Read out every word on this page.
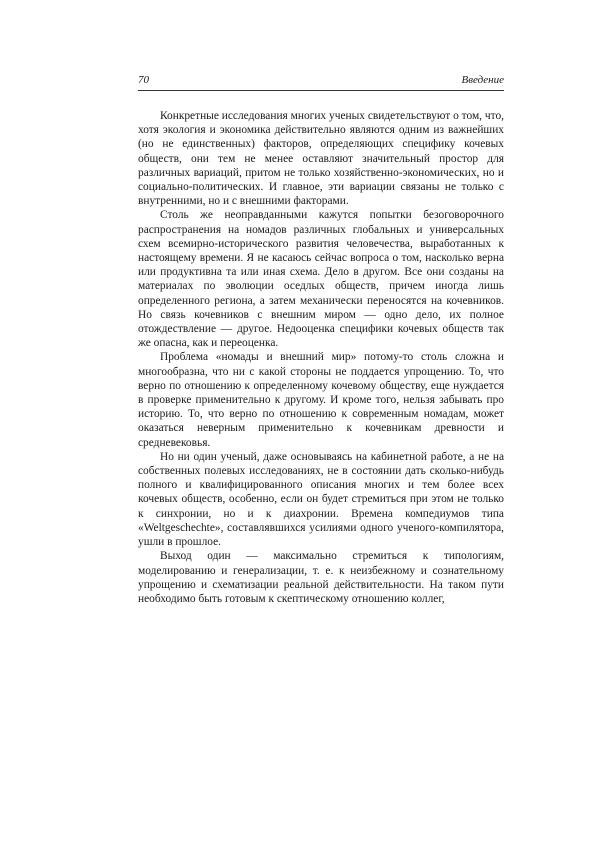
70	Введение

Конкретные исследования многих ученых свидетельствуют о том, что, хотя экология и экономика действительно являются одним из важнейших (но не единственных) факторов, определяющих специфику кочевых обществ, они тем не менее оставляют значительный простор для различных вариаций, притом не только хозяйственно-экономических, но и социально-политических. И главное, эти вариации связаны не только с внутренними, но и с внешними факторами.

Столь же неоправданными кажутся попытки безоговорочного распространения на номадов различных глобальных и универсальных схем всемирно-исторического развития человечества, выработанных к настоящему времени. Я не касаюсь сейчас вопроса о том, насколько верна или продуктивна та или иная схема. Дело в другом. Все они созданы на материалах по эволюции оседлых обществ, причем иногда лишь определенного региона, а затем механически переносятся на кочевников. Но связь кочевников с внешним миром — одно дело, их полное отождествление — другое. Недооценка специфики кочевых обществ так же опасна, как и переоценка.

Проблема «номады и внешний мир» потому-то столь сложна и многообразна, что ни с какой стороны не поддается упрощению. То, что верно по отношению к определенному кочевому обществу, еще нуждается в проверке применительно к другому. И кроме того, нельзя забывать про историю. То, что верно по отношению к современным номадам, может оказаться неверным применительно к кочевникам древности и средневековья.

Но ни один ученый, даже основываясь на кабинетной работе, а не на собственных полевых исследованиях, не в состоянии дать сколько-нибудь полного и квалифицированного описания многих и тем более всех кочевых обществ, особенно, если он будет стремиться при этом не только к синхронии, но и к диахронии. Времена компедиумов типа «Weltgeschechte», составлявшихся усилиями одного ученого-компилятора, ушли в прошлое.

Выход один — максимально стремиться к типологиям, моделированию и генерализации, т. е. к неизбежному и сознательному упрощению и схематизации реальной действительности. На таком пути необходимо быть готовым к скептическому отношению коллег,
